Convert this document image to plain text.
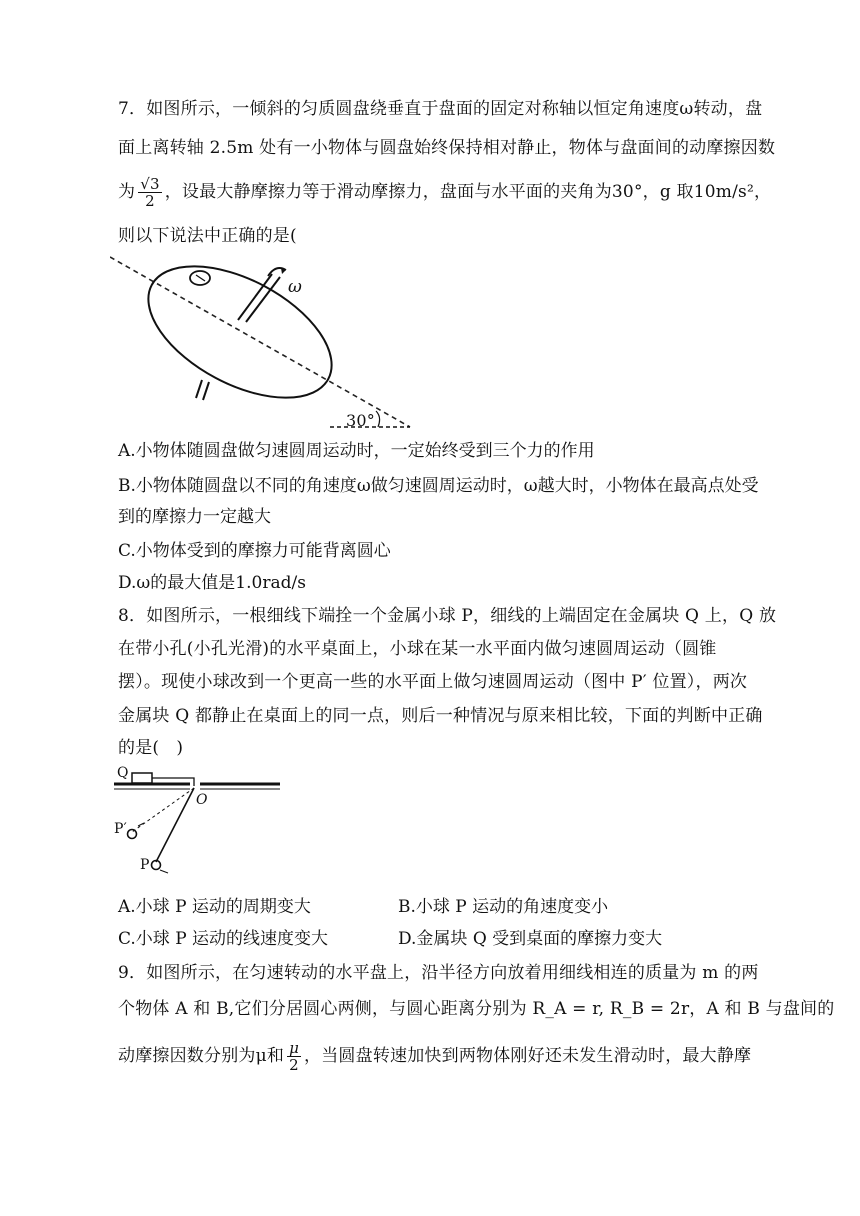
7．如图所示，一倾斜的匀质圆盘绕垂直于盘面的固定对称轴以恒定角速度ω转动，盘
面上离转轴 2.5m 处有一小物体与圆盘始终保持相对静止，物体与盘面间的动摩擦因数
为 $\frac{√3}{2}$ ，设最大静摩擦力等于滑动摩擦力，盘面与水平面的夹角为30°，g 取10m/s²，
则以下说法中正确的是(
ω
30°
A.小物体随圆盘做匀速圆周运动时，一定始终受到三个力的作用
B.小物体随圆盘以不同的角速度ω做匀速圆周运动时，ω越大时，小物体在最高点处受
到的摩擦力一定越大
C.小物体受到的摩擦力可能背离圆心
D.ω的最大值是1.0rad/s
8．如图所示，一根细线下端拴一个金属小球 P，细线的上端固定在金属块 Q 上，Q 放
在带小孔(小孔光滑)的水平桌面上，小球在某一水平面内做匀速圆周运动（圆锥
摆）。现使小球改到一个更高一些的水平面上做匀速圆周运动（图中 P′ 位置），两次
金属块 Q 都静止在桌面上的同一点，则后一种情况与原来相比较，下面的判断中正确
的是(　)
Q
O
P′
P
A.小球 P 运动的周期变大	B.小球 P 运动的角速度变小
C.小球 P 运动的线速度变大	D.金属块 Q 受到桌面的摩擦力变大
9．如图所示，在匀速转动的水平盘上，沿半径方向放着用细线相连的质量为 m 的两
个物体 A 和 B,它们分居圆心两侧，与圆心距离分别为 R_A = r, R_B = 2r，A 和 B 与盘间的
动摩擦因数分别为μ和 $\frac{\mu}{2}$ ，当圆盘转速加快到两物体刚好还未发生滑动时，最大静摩
